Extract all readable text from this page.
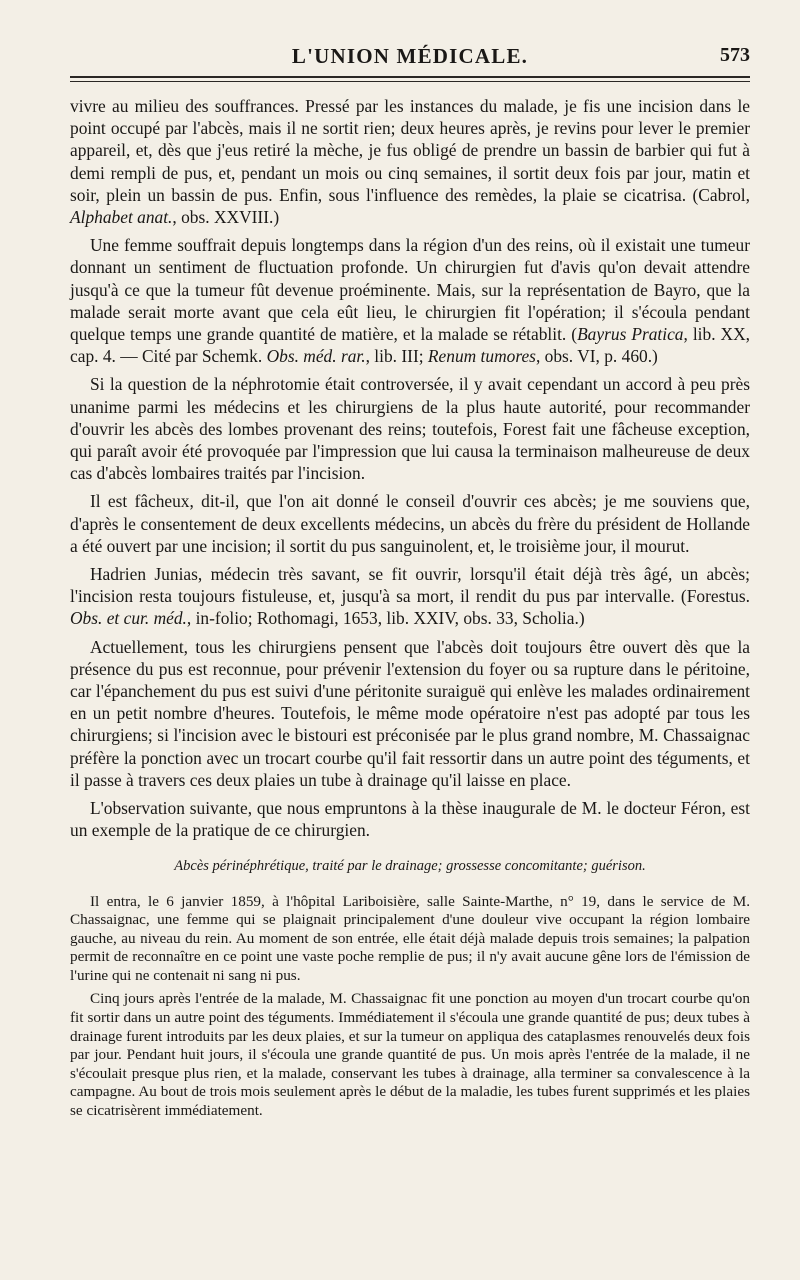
L'UNION MÉDICALE.	573

vivre au milieu des souffrances. Pressé par les instances du malade, je fis une incision dans le point occupé par l'abcès, mais il ne sortit rien; deux heures après, je revins pour lever le premier appareil, et, dès que j'eus retiré la mèche, je fus obligé de prendre un bassin de barbier qui fut à demi rempli de pus, et, pendant un mois ou cinq semaines, il sortit deux fois par jour, matin et soir, plein un bassin de pus. Enfin, sous l'influence des remèdes, la plaie se cicatrisa. (Cabrol, Alphabet anat., obs. XXVIII.)

Une femme souffrait depuis longtemps dans la région d'un des reins, où il existait une tumeur donnant un sentiment de fluctuation profonde. Un chirurgien fut d'avis qu'on devait attendre jusqu'à ce que la tumeur fût devenue proéminente. Mais, sur la représentation de Bayro, que la malade serait morte avant que cela eût lieu, le chirurgien fit l'opération; il s'écoula pendant quelque temps une grande quantité de matière, et la malade se rétablit. (Bayrus Pratica, lib. XX, cap. 4. — Cité par Schemk. Obs. méd. rar., lib. III; Renum tumores, obs. VI, p. 460.)

Si la question de la néphrotomie était controversée, il y avait cependant un accord à peu près unanime parmi les médecins et les chirurgiens de la plus haute autorité, pour recommander d'ouvrir les abcès des lombes provenant des reins; toutefois, Forest fait une fâcheuse exception, qui paraît avoir été provoquée par l'impression que lui causa la terminaison malheureuse de deux cas d'abcès lombaires traités par l'incision.

Il est fâcheux, dit-il, que l'on ait donné le conseil d'ouvrir ces abcès; je me souviens que, d'après le consentement de deux excellents médecins, un abcès du frère du président de Hollande a été ouvert par une incision; il sortit du pus sanguinolent, et, le troisième jour, il mourut.

Hadrien Junias, médecin très savant, se fit ouvrir, lorsqu'il était déjà très âgé, un abcès; l'incision resta toujours fistuleuse, et, jusqu'à sa mort, il rendit du pus par intervalle. (Forestus. Obs. et cur. méd., in-folio; Rothomagi, 1653, lib. XXIV, obs. 33, Scholia.)

Actuellement, tous les chirurgiens pensent que l'abcès doit toujours être ouvert dès que la présence du pus est reconnue, pour prévenir l'extension du foyer ou sa rupture dans le péritoine, car l'épanchement du pus est suivi d'une péritonite suraiguë qui enlève les malades ordinairement en un petit nombre d'heures. Toutefois, le même mode opératoire n'est pas adopté par tous les chirurgiens; si l'incision avec le bistouri est préconisée par le plus grand nombre, M. Chassaignac préfère la ponction avec un trocart courbe qu'il fait ressortir dans un autre point des téguments, et il passe à travers ces deux plaies un tube à drainage qu'il laisse en place.

L'observation suivante, que nous empruntons à la thèse inaugurale de M. le docteur Féron, est un exemple de la pratique de ce chirurgien.

Abcès périnéphrétique, traité par le drainage; grossesse concomitante; guérison.

Il entra, le 6 janvier 1859, à l'hôpital Lariboisière, salle Sainte-Marthe, n° 19, dans le service de M. Chassaignac, une femme qui se plaignait principalement d'une douleur vive occupant la région lombaire gauche, au niveau du rein. Au moment de son entrée, elle était déjà malade depuis trois semaines; la palpation permit de reconnaître en ce point une vaste poche remplie de pus; il n'y avait aucune gêne lors de l'émission de l'urine qui ne contenait ni sang ni pus.

Cinq jours après l'entrée de la malade, M. Chassaignac fit une ponction au moyen d'un trocart courbe qu'on fit sortir dans un autre point des téguments. Immédiatement il s'écoula une grande quantité de pus; deux tubes à drainage furent introduits par les deux plaies, et sur la tumeur on appliqua des cataplasmes renouvelés deux fois par jour. Pendant huit jours, il s'écoula une grande quantité de pus. Un mois après l'entrée de la malade, il ne s'écoulait presque plus rien, et la malade, conservant les tubes à drainage, alla terminer sa convalescence à la campagne. Au bout de trois mois seulement après le début de la maladie, les tubes furent supprimés et les plaies se cicatrisèrent immédiatement.
